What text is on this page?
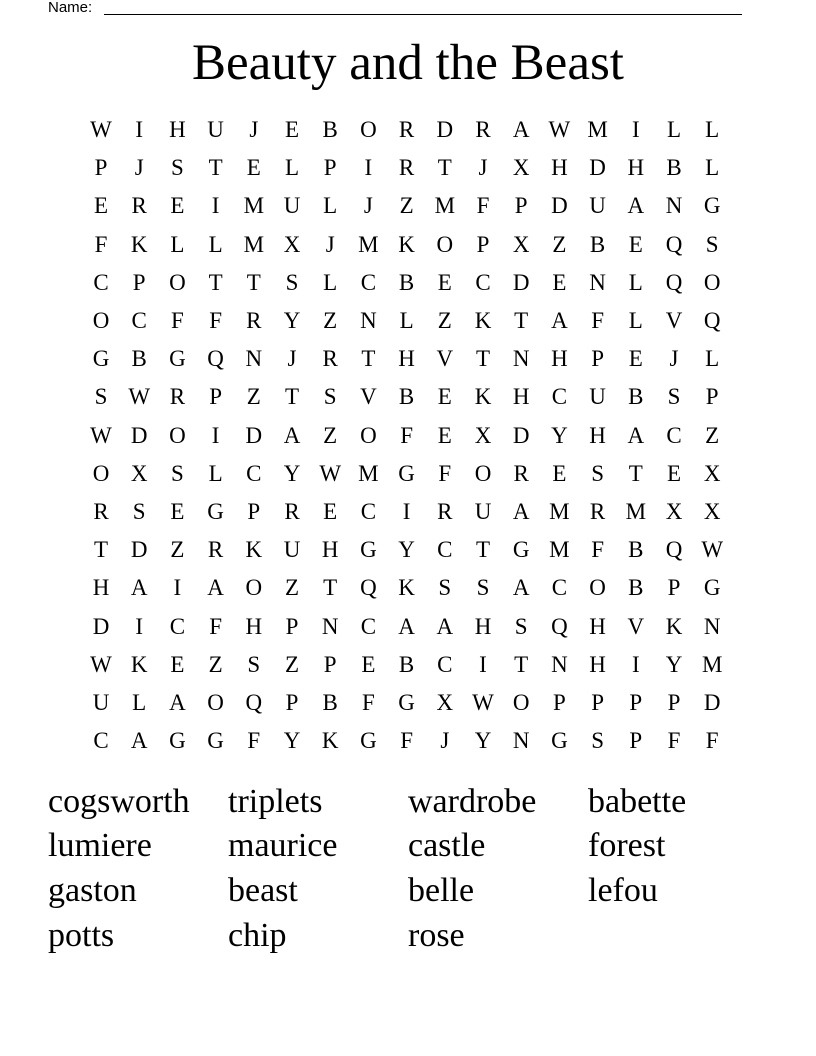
Name:
Beauty and the Beast
W	I	H U	J	E	B O R D R A W M	I	L	L
P	J	S	T	E	L	P	I	R	T	J	X H D H B	L
E	R	E	I	M U L	J	Z M F	P	D U A N G
F	K L	L M X	J	M K O	P	X Z	B	E Q	S
C	P	O T	T	S	L	C B	E	C D E N L Q O
O C	F	F	R Y Z N L	Z K T A	F	L V Q
G B G Q N	J	R	T H V T N H	P	E	J	L
S W R	P	Z	T	S	V B	E K H C U B	S	P
W D O	I	D A Z O	F	E X D Y H A C	Z
O X	S	L	C Y W M G	F	O R	E	S	T	E X
R	S	E G	P	R	E	C	I	R U A M R M X X
T D Z	R K U H G Y C	T G M F	B Q W
H A	I	A O Z	T Q K	S	S	A C O B	P	G
D	I	C	F	H	P	N C A A H	S	Q H V K N
W K E	Z	S	Z	P	E	B C	I	T N H	I	Y M
U L A O Q	P	B	F	G X W O	P	P	P	P	D
C A G G	F	Y K G	F	J	Y N G	S	P	F	F
cogsworth triplets	wardrobe babette
lumiere maurice castle	forest
gaston	beast	belle	lefou
potts	chip	rose
